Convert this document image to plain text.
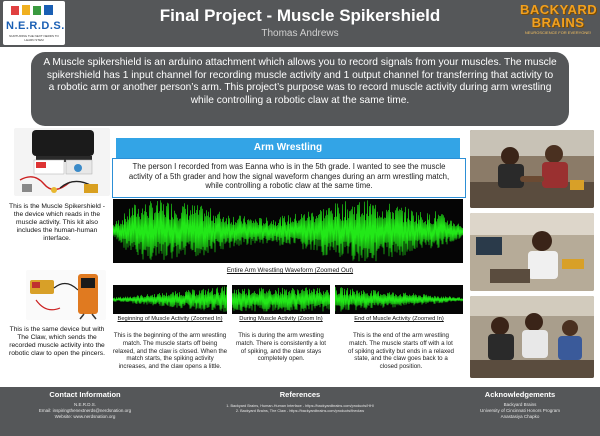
N.E.R.D.S.
NURTURING THE NEXT NERDS TO LEARN STEM
Final Project - Muscle Spikershield
Thomas Andrews
BACKYARD BRAINS
NEUROSCIENCE FOR EVERYONE!

A Muscle spikershield is an arduino attachment which allows you to record signals from your muscles. The muscle spikershield has 1 input channel for recording muscle activity and 1 output channel for transferring that activity to a robotic arm or another person’s arm. This project’s purpose was to record muscle activity during arm wrestling while controlling a robotic claw at the same time.

This is the Muscle Spikershield - the device which reads in the muscle activity. This kit also includes the human-human interface.
This is the same device but with The Claw, which sends the recorded muscle activity into the robotic claw to open the pincers.
Arm Wrestling

The person I recorded from was Eanna who is in the 5th grade. I wanted to see the muscle activity of a 5th grader and how the signal waveform changes during an arm wrestling match, while controlling a robotic claw at the same time.

Entire Arm Wrestling Waveform (Zoomed Out)
Beginning of Muscle Activity (Zoomed In)	During Muscle Activity (Zoom In)	End of Muscle Activity (Zoomed In)
This is the beginning of the arm wrestling match. The muscle starts off being relaxed, and the claw is closed. When the match starts, the spiking activity increases, and the claw opens a little.
This is during the arm wrestling match. There is consistently a lot of spiking, and the claw stays completely open.
This is the end of the arm wrestling match. The muscle starts off with a lot of spiking activity but ends in a relaxed state, and the claw goes back to a closed position.
Contact Information
N.E.R.D.S.
Email: inspiringthenextnerds@nerdsnation.org
Website: www.nerdsnation.org
References
1. Backyard Brains, Human-Human Interface - https://backyardbrains.com/products/HHI
2. Backyard Brains, The Claw - https://backyardbrains.com/products/theclaw
Acknowledgements
Backyard Brains
University of Cincinnati Honors Program
Anastasiya Chapko
